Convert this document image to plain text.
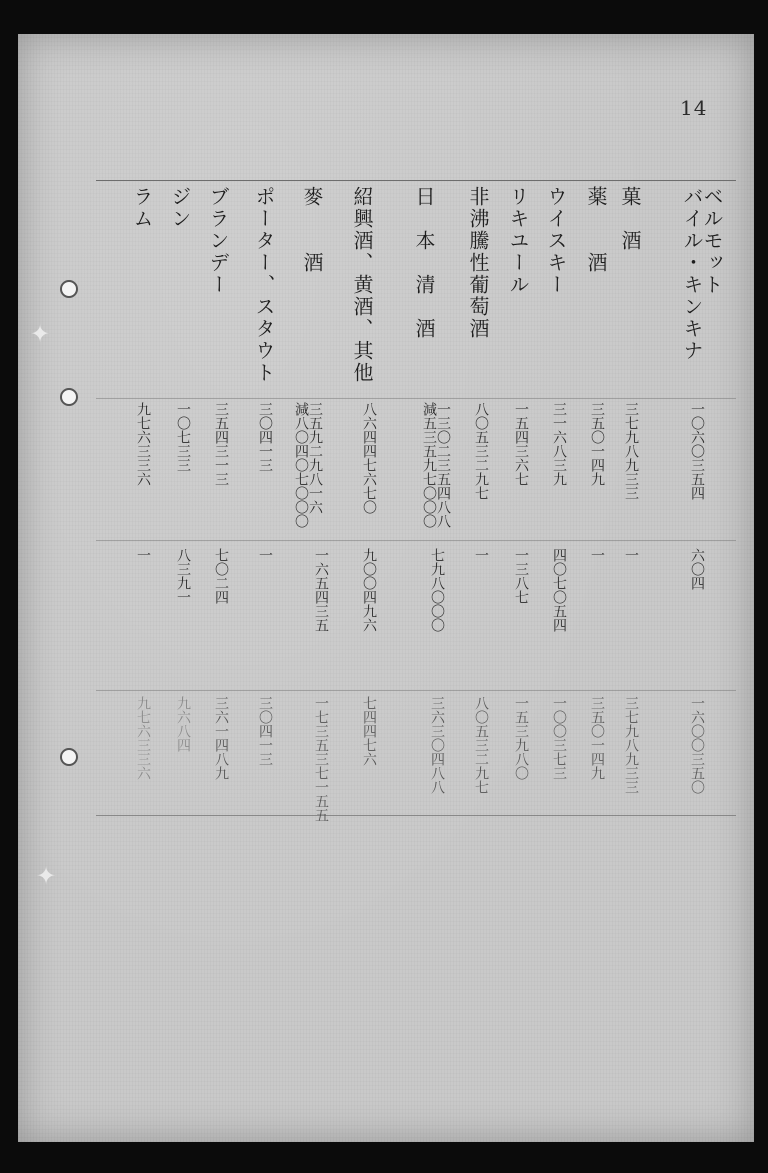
14
ベルモット
バイル・キンキナ
一〇六〇三五四
六〇四
一六〇〇三五〇
菓　酒
三七九八九三三
一
三七九八九三三
薬　　酒
三五〇一四九
一
三五〇一四九
ウイスキー
三一六八三九
四〇七〇五四
一〇〇三七三
リキユール
一五四三六七
一三八七
一五三九八〇
非沸騰性葡萄酒
八〇五三二九七
一
八〇五三二九七
日　本　清　酒
一三〇二三五四八八
減五三五九七〇〇〇
七九八〇〇〇
三六三〇四八八
紹興酒、黄酒、其他
八六四四七六七〇
九〇〇四九六
七四四七六
麥　　酒
三五九二九八一六
減八〇四〇七〇〇〇
一六五四三五
一七三五三七一五五
ポーター、スタウト
三〇四一三
一
三〇四一三
ブランデー
三五四三一三
七〇二四
三六一四八九
ジン
一〇七三三
八三九一
九六八四
ラム
九七六三三六
一
九七六三三六
✦
✦
